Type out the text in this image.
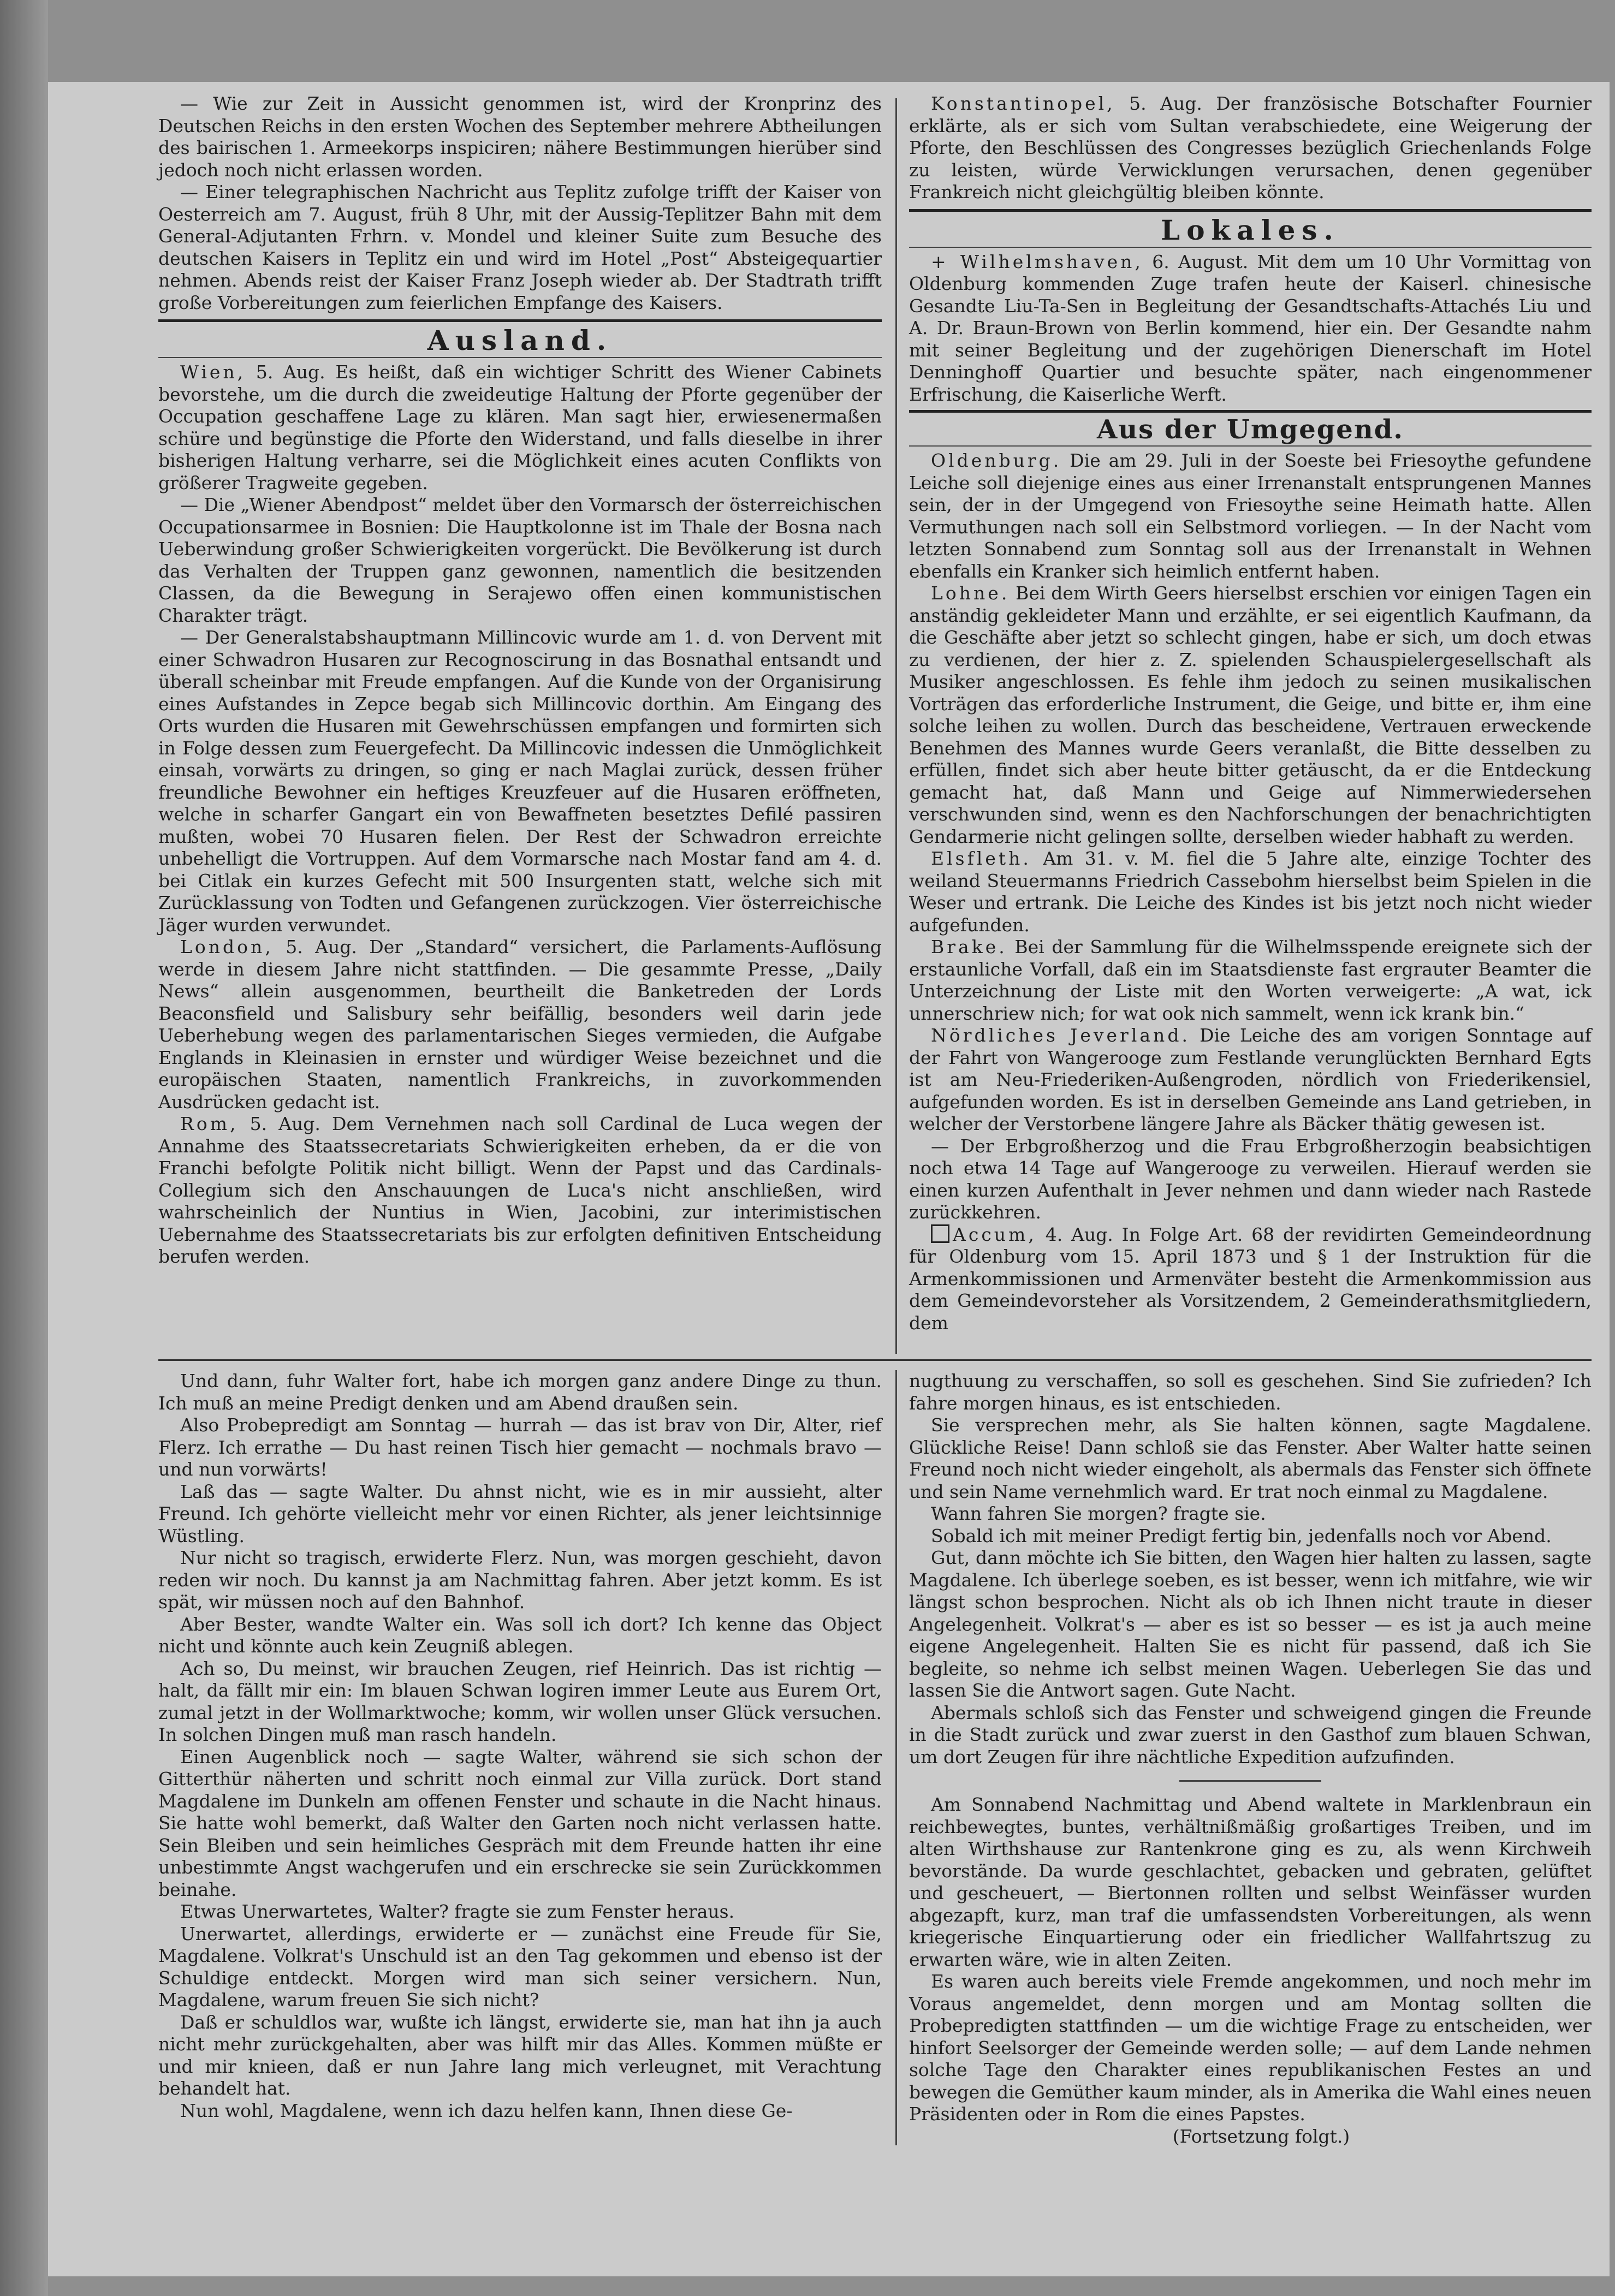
— Wie zur Zeit in Aussicht genommen ist, wird der Kronprinz des Deutschen Reichs in den ersten Wochen des September mehrere Abtheilungen des bairischen 1. Armeekorps inspiciren; nähere Bestimmungen hierüber sind jedoch noch nicht erlassen worden.

— Einer telegraphischen Nachricht aus Teplitz zufolge trifft der Kaiser von Oesterreich am 7. August, früh 8 Uhr, mit der Aussig-Teplitzer Bahn mit dem General-Adjutanten Frhrn. v. Mondel und kleiner Suite zum Besuche des deutschen Kaisers in Teplitz ein und wird im Hotel „Post“ Absteigequartier nehmen. Abends reist der Kaiser Franz Joseph wieder ab. Der Stadtrath trifft große Vorbereitungen zum feierlichen Empfange des Kaisers.

Ausland.

Wien, 5. Aug. Es heißt, daß ein wichtiger Schritt des Wiener Cabinets bevorstehe, um die durch die zweideutige Haltung der Pforte gegenüber der Occupation geschaffene Lage zu klären. Man sagt hier, erwiesenermaßen schüre und begünstige die Pforte den Widerstand, und falls dieselbe in ihrer bisherigen Haltung verharre, sei die Möglichkeit eines acuten Conflikts von größerer Tragweite gegeben.

— Die „Wiener Abendpost“ meldet über den Vormarsch der österreichischen Occupationsarmee in Bosnien: Die Hauptkolonne ist im Thale der Bosna nach Ueberwindung großer Schwierigkeiten vorgerückt. Die Bevölkerung ist durch das Verhalten der Truppen ganz gewonnen, namentlich die besitzenden Classen, da die Bewegung in Serajewo offen einen kommunistischen Charakter trägt.

— Der Generalstabshauptmann Millincovic wurde am 1. d. von Dervent mit einer Schwadron Husaren zur Recognoscirung in das Bosnathal entsandt und überall scheinbar mit Freude empfangen. Auf die Kunde von der Organisirung eines Aufstandes in Zepce begab sich Millincovic dorthin. Am Eingang des Orts wurden die Husaren mit Gewehrschüssen empfangen und formirten sich in Folge dessen zum Feuergefecht. Da Millincovic indessen die Unmöglichkeit einsah, vorwärts zu dringen, so ging er nach Maglai zurück, dessen früher freundliche Bewohner ein heftiges Kreuzfeuer auf die Husaren eröffneten, welche in scharfer Gangart ein von Bewaffneten besetztes Defilé passiren mußten, wobei 70 Husaren fielen. Der Rest der Schwadron erreichte unbehelligt die Vortruppen. Auf dem Vormarsche nach Mostar fand am 4. d. bei Citlak ein kurzes Gefecht mit 500 Insurgenten statt, welche sich mit Zurücklassung von Todten und Gefangenen zurückzogen. Vier österreichische Jäger wurden verwundet.

London, 5. Aug. Der „Standard“ versichert, die Parlaments-Auflösung werde in diesem Jahre nicht stattfinden. — Die gesammte Presse, „Daily News“ allein ausgenommen, beurtheilt die Banketreden der Lords Beaconsfield und Salisbury sehr beifällig, besonders weil darin jede Ueberhebung wegen des parlamentarischen Sieges vermieden, die Aufgabe Englands in Kleinasien in ernster und würdiger Weise bezeichnet und die europäischen Staaten, namentlich Frankreichs, in zuvorkommenden Ausdrücken gedacht ist.

Rom, 5. Aug. Dem Vernehmen nach soll Cardinal de Luca wegen der Annahme des Staatssecretariats Schwierigkeiten erheben, da er die von Franchi befolgte Politik nicht billigt. Wenn der Papst und das Cardinals-Collegium sich den Anschauungen de Luca's nicht anschließen, wird wahrscheinlich der Nuntius in Wien, Jacobini, zur interimistischen Uebernahme des Staatssecretariats bis zur erfolgten definitiven Entscheidung berufen werden.

Konstantinopel, 5. Aug. Der französische Botschafter Fournier erklärte, als er sich vom Sultan verabschiedete, eine Weigerung der Pforte, den Beschlüssen des Congresses bezüglich Griechenlands Folge zu leisten, würde Verwicklungen verursachen, denen gegenüber Frankreich nicht gleichgültig bleiben könnte.

Lokales.

+ Wilhelmshaven, 6. August. Mit dem um 10 Uhr Vormittag von Oldenburg kommenden Zuge trafen heute der Kaiserl. chinesische Gesandte Liu-Ta-Sen in Begleitung der Gesandtschafts-Attachés Liu und A. Dr. Braun-Brown von Berlin kommend, hier ein. Der Gesandte nahm mit seiner Begleitung und der zugehörigen Dienerschaft im Hotel Denninghoff Quartier und besuchte später, nach eingenommener Erfrischung, die Kaiserliche Werft.

Aus der Umgegend.

Oldenburg. Die am 29. Juli in der Soeste bei Friesoythe gefundene Leiche soll diejenige eines aus einer Irrenanstalt entsprungenen Mannes sein, der in der Umgegend von Friesoythe seine Heimath hatte. Allen Vermuthungen nach soll ein Selbstmord vorliegen. — In der Nacht vom letzten Sonnabend zum Sonntag soll aus der Irrenanstalt in Wehnen ebenfalls ein Kranker sich heimlich entfernt haben.

Lohne. Bei dem Wirth Geers hierselbst erschien vor einigen Tagen ein anständig gekleideter Mann und erzählte, er sei eigentlich Kaufmann, da die Geschäfte aber jetzt so schlecht gingen, habe er sich, um doch etwas zu verdienen, der hier z. Z. spielenden Schauspielergesellschaft als Musiker angeschlossen. Es fehle ihm jedoch zu seinen musikalischen Vorträgen das erforderliche Instrument, die Geige, und bitte er, ihm eine solche leihen zu wollen. Durch das bescheidene, Vertrauen erweckende Benehmen des Mannes wurde Geers veranlaßt, die Bitte desselben zu erfüllen, findet sich aber heute bitter getäuscht, da er die Entdeckung gemacht hat, daß Mann und Geige auf Nimmerwiedersehen verschwunden sind, wenn es den Nachforschungen der benachrichtigten Gendarmerie nicht gelingen sollte, derselben wieder habhaft zu werden.

Elsfleth. Am 31. v. M. fiel die 5 Jahre alte, einzige Tochter des weiland Steuermanns Friedrich Cassebohm hierselbst beim Spielen in die Weser und ertrank. Die Leiche des Kindes ist bis jetzt noch nicht wieder aufgefunden.

Brake. Bei der Sammlung für die Wilhelmsspende ereignete sich der erstaunliche Vorfall, daß ein im Staatsdienste fast ergrauter Beamter die Unterzeichnung der Liste mit den Worten verweigerte: „A wat, ick unnerschriew nich; for wat ook nich sammelt, wenn ick krank bin.“

Nördliches Jeverland. Die Leiche des am vorigen Sonntage auf der Fahrt von Wangerooge zum Festlande verunglückten Bernhard Egts ist am Neu-Friederiken-Außengroden, nördlich von Friederikensiel, aufgefunden worden. Es ist in derselben Gemeinde ans Land getrieben, in welcher der Verstorbene längere Jahre als Bäcker thätig gewesen ist.

— Der Erbgroßherzog und die Frau Erbgroßherzogin beabsichtigen noch etwa 14 Tage auf Wangerooge zu verweilen. Hierauf werden sie einen kurzen Aufenthalt in Jever nehmen und dann wieder nach Rastede zurückkehren.

Accum, 4. Aug. In Folge Art. 68 der revidirten Gemeindeordnung für Oldenburg vom 15. April 1873 und § 1 der Instruktion für die Armenkommissionen und Armenväter besteht die Armenkommission aus dem Gemeindevorsteher als Vorsitzendem, 2 Gemeinderathsmitgliedern, dem

Und dann, fuhr Walter fort, habe ich morgen ganz andere Dinge zu thun. Ich muß an meine Predigt denken und am Abend draußen sein.

Also Probepredigt am Sonntag — hurrah — das ist brav von Dir, Alter, rief Flerz. Ich errathe — Du hast reinen Tisch hier gemacht — nochmals bravo — und nun vorwärts!

Laß das — sagte Walter. Du ahnst nicht, wie es in mir aussieht, alter Freund. Ich gehörte vielleicht mehr vor einen Richter, als jener leichtsinnige Wüstling.

Nur nicht so tragisch, erwiderte Flerz. Nun, was morgen geschieht, davon reden wir noch. Du kannst ja am Nachmittag fahren. Aber jetzt komm. Es ist spät, wir müssen noch auf den Bahnhof.

Aber Bester, wandte Walter ein. Was soll ich dort? Ich kenne das Object nicht und könnte auch kein Zeugniß ablegen.

Ach so, Du meinst, wir brauchen Zeugen, rief Heinrich. Das ist richtig — halt, da fällt mir ein: Im blauen Schwan logiren immer Leute aus Eurem Ort, zumal jetzt in der Wollmarktwoche; komm, wir wollen unser Glück versuchen. In solchen Dingen muß man rasch handeln.

Einen Augenblick noch — sagte Walter, während sie sich schon der Gitterthür näherten und schritt noch einmal zur Villa zurück. Dort stand Magdalene im Dunkeln am offenen Fenster und schaute in die Nacht hinaus. Sie hatte wohl bemerkt, daß Walter den Garten noch nicht verlassen hatte. Sein Bleiben und sein heimliches Gespräch mit dem Freunde hatten ihr eine unbestimmte Angst wachgerufen und ein erschrecke sie sein Zurückkommen beinahe.

Etwas Unerwartetes, Walter? fragte sie zum Fenster heraus.

Unerwartet, allerdings, erwiderte er — zunächst eine Freude für Sie, Magdalene. Volkrat's Unschuld ist an den Tag gekommen und ebenso ist der Schuldige entdeckt. Morgen wird man sich seiner versichern. Nun, Magdalene, warum freuen Sie sich nicht?

Daß er schuldlos war, wußte ich längst, erwiderte sie, man hat ihn ja auch nicht mehr zurückgehalten, aber was hilft mir das Alles. Kommen müßte er und mir knieen, daß er nun Jahre lang mich verleugnet, mit Verachtung behandelt hat.

Nun wohl, Magdalene, wenn ich dazu helfen kann, Ihnen diese Ge-

nugthuung zu verschaffen, so soll es geschehen. Sind Sie zufrieden? Ich fahre morgen hinaus, es ist entschieden.

Sie versprechen mehr, als Sie halten können, sagte Magdalene. Glückliche Reise! Dann schloß sie das Fenster. Aber Walter hatte seinen Freund noch nicht wieder eingeholt, als abermals das Fenster sich öffnete und sein Name vernehmlich ward. Er trat noch einmal zu Magdalene.

Wann fahren Sie morgen? fragte sie.

Sobald ich mit meiner Predigt fertig bin, jedenfalls noch vor Abend.

Gut, dann möchte ich Sie bitten, den Wagen hier halten zu lassen, sagte Magdalene. Ich überlege soeben, es ist besser, wenn ich mitfahre, wie wir längst schon besprochen. Nicht als ob ich Ihnen nicht traute in dieser Angelegenheit. Volkrat's — aber es ist so besser — es ist ja auch meine eigene Angelegenheit. Halten Sie es nicht für passend, daß ich Sie begleite, so nehme ich selbst meinen Wagen. Ueberlegen Sie das und lassen Sie die Antwort sagen. Gute Nacht.

Abermals schloß sich das Fenster und schweigend gingen die Freunde in die Stadt zurück und zwar zuerst in den Gasthof zum blauen Schwan, um dort Zeugen für ihre nächtliche Expedition aufzufinden.

Am Sonnabend Nachmittag und Abend waltete in Marklenbraun ein reichbewegtes, buntes, verhältnißmäßig großartiges Treiben, und im alten Wirthshause zur Rantenkrone ging es zu, als wenn Kirchweih bevorstände. Da wurde geschlachtet, gebacken und gebraten, gelüftet und gescheuert, — Biertonnen rollten und selbst Weinfässer wurden abgezapft, kurz, man traf die umfassendsten Vorbereitungen, als wenn kriegerische Einquartierung oder ein friedlicher Wallfahrtszug zu erwarten wäre, wie in alten Zeiten.

Es waren auch bereits viele Fremde angekommen, und noch mehr im Voraus angemeldet, denn morgen und am Montag sollten die Probepredigten stattfinden — um die wichtige Frage zu entscheiden, wer hinfort Seelsorger der Gemeinde werden solle; — auf dem Lande nehmen solche Tage den Charakter eines republikanischen Festes an und bewegen die Gemüther kaum minder, als in Amerika die Wahl eines neuen Präsidenten oder in Rom die eines Papstes.

(Fortsetzung folgt.)
